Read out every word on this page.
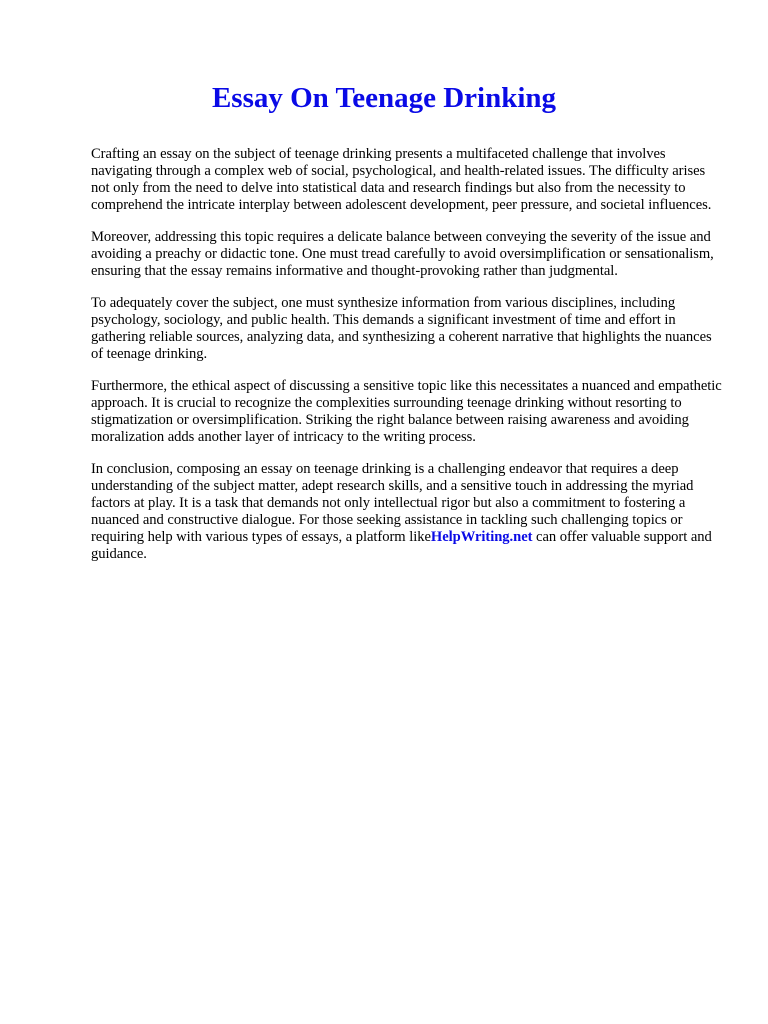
Essay On Teenage Drinking

Crafting an essay on the subject of teenage drinking presents a multifaceted challenge that involves navigating through a complex web of social, psychological, and health-related issues. The difficulty arises not only from the need to delve into statistical data and research findings but also from the necessity to comprehend the intricate interplay between adolescent development, peer pressure, and societal influences.

Moreover, addressing this topic requires a delicate balance between conveying the severity of the issue and avoiding a preachy or didactic tone. One must tread carefully to avoid oversimplification or sensationalism, ensuring that the essay remains informative and thought-provoking rather than judgmental.

To adequately cover the subject, one must synthesize information from various disciplines, including psychology, sociology, and public health. This demands a significant investment of time and effort in gathering reliable sources, analyzing data, and synthesizing a coherent narrative that highlights the nuances of teenage drinking.

Furthermore, the ethical aspect of discussing a sensitive topic like this necessitates a nuanced and empathetic approach. It is crucial to recognize the complexities surrounding teenage drinking without resorting to stigmatization or oversimplification. Striking the right balance between raising awareness and avoiding moralization adds another layer of intricacy to the writing process.

In conclusion, composing an essay on teenage drinking is a challenging endeavor that requires a deep understanding of the subject matter, adept research skills, and a sensitive touch in addressing the myriad factors at play. It is a task that demands not only intellectual rigor but also a commitment to fostering a nuanced and constructive dialogue. For those seeking assistance in tackling such challenging topics or requiring help with various types of essays, a platform likeHelpWriting.net can offer valuable support and guidance.
